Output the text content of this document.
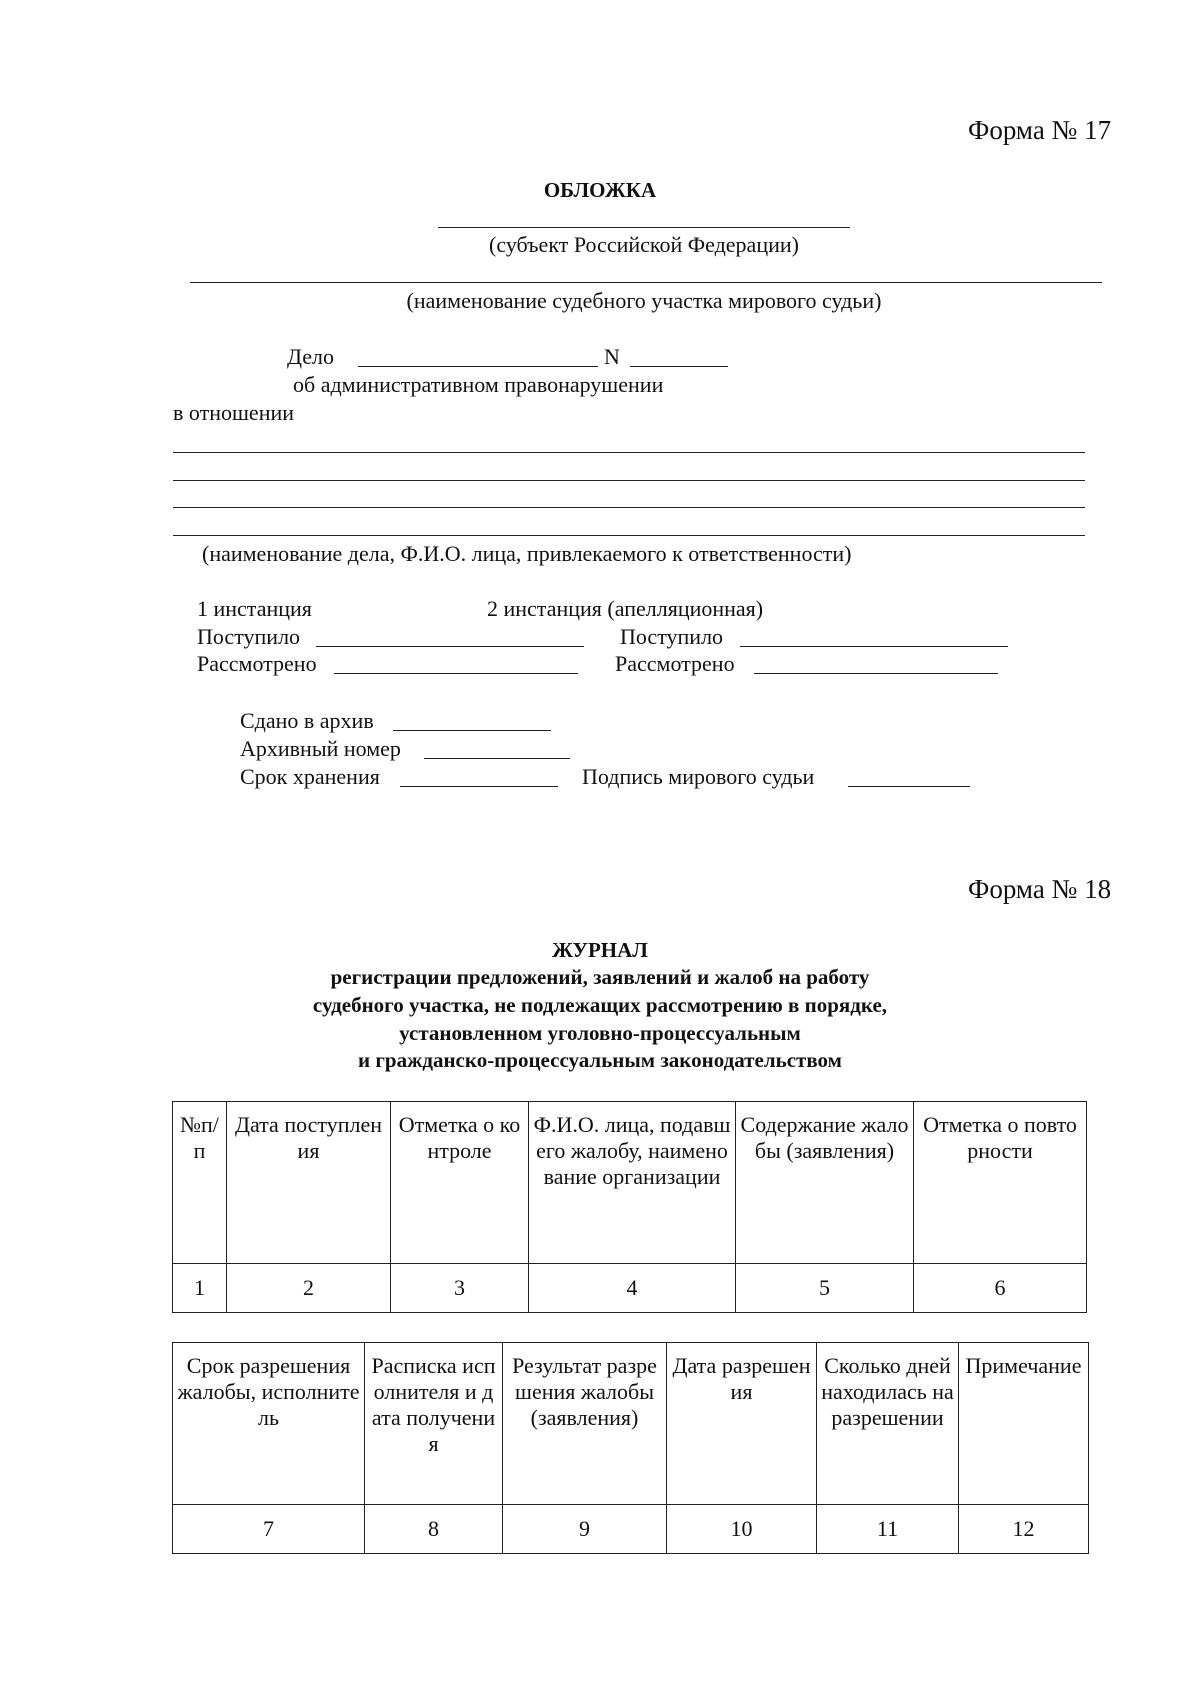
Форма № 17
ОБЛОЖКА
(субъект Российской Федерации)
(наименование судебного участка мирового судьи)
Дело	N
об административном правонарушении
в отношении
(наименование дела, Ф.И.О. лица, привлекаемого к ответственности)
1 инстанция	2 инстанция (апелляционная)
Поступило	Поступило
Рассмотрено	Рассмотрено
Сдано в архив
Архивный номер
Срок хранения	Подпись мирового судьи
Форма № 18
ЖУРНАЛ
регистрации предложений, заявлений и жалоб на работу
судебного участка, не подлежащих рассмотрению в порядке,
установленном уголовно-процессуальным
и гражданско-процессуальным законодательством
№п/п	Дата поступления	Отметка о контроле	Ф.И.О. лица, подавшего жалобу, наименование организации	Содержание жалобы (заявления)	Отметка о повторности
1	2	3	4	5	6
Срок разрешения жалобы, исполнитель	Расписка исполнителя и дата получения	Результат разрешения жалобы (заявления)	Дата разрешения	Сколько дней находилась на разрешении	Примечание
7	8	9	10	11	12
